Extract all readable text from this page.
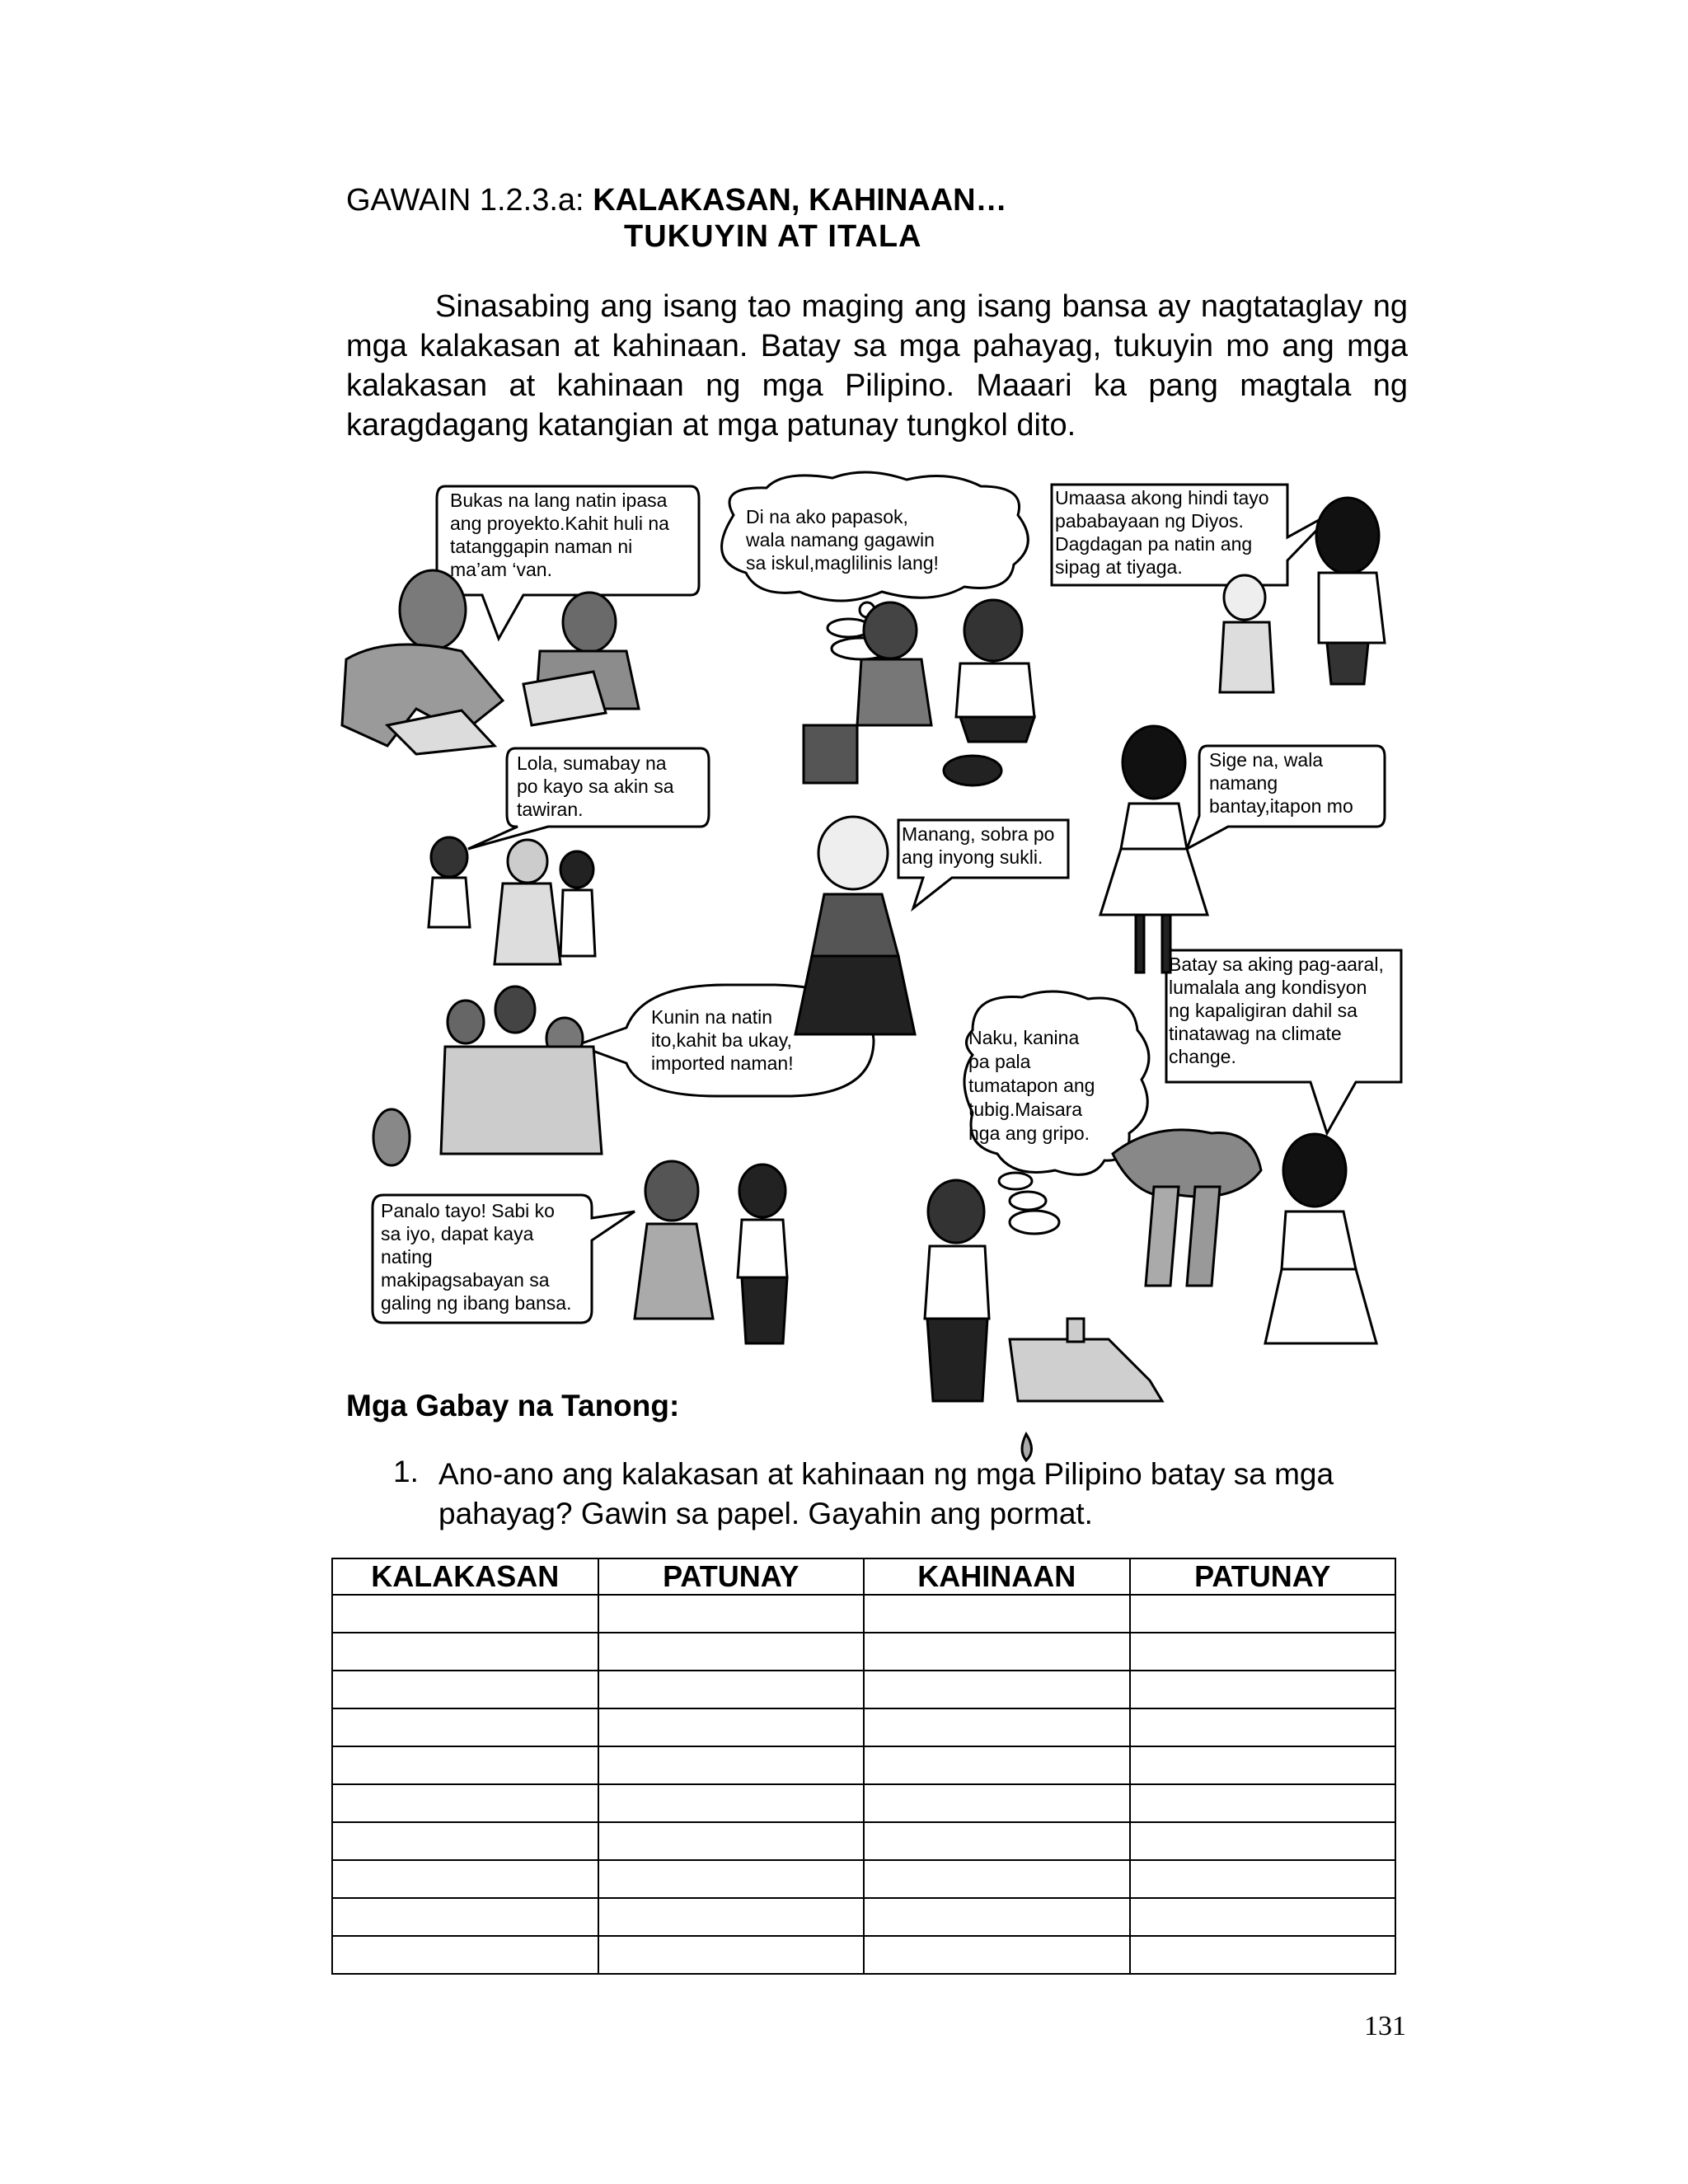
GAWAIN 1.2.3.a: KALAKASAN, KAHINAAN…
TUKUYIN AT ITALA
Sinasabing ang isang tao maging ang isang bansa ay nagtataglay ng mga kalakasan at kahinaan. Batay sa mga pahayag, tukuyin mo ang mga kalakasan at kahinaan ng mga Pilipino. Maaari ka pang magtala ng karagdagang katangian at mga patunay tungkol dito.
Bukas na lang natin ipasa
ang proyekto.Kahit huli na
tatanggapin naman ni
ma’am ‘van.
Di na ako papasok,
wala namang gagawin
sa iskul,maglilinis lang!
Umaasa akong hindi tayo
pababayaan ng Diyos.
Dagdagan pa natin ang
sipag at tiyaga.
Lola, sumabay na
po kayo sa akin sa
tawiran.
Sige na, wala
namang
bantay,itapon mo
Manang, sobra po
ang inyong sukli.
Batay sa aking pag-aaral,
lumalala ang kondisyon
ng kapaligiran dahil sa
tinatawag na climate
change.
Kunin na natin
ito,kahit ba ukay,
imported naman!
Naku, kanina
pa pala
tumatapon ang
tubig.Maisara
nga ang gripo.
Panalo tayo! Sabi ko
sa iyo, dapat kaya
nating
makipagsabayan sa
galing ng ibang bansa.
Mga Gabay na Tanong:
1. Ano-ano ang kalakasan at kahinaan ng mga Pilipino batay sa mga pahayag? Gawin sa papel. Gayahin ang pormat.
KALAKASAN	PATUNAY	KAHINAAN	PATUNAY

131
